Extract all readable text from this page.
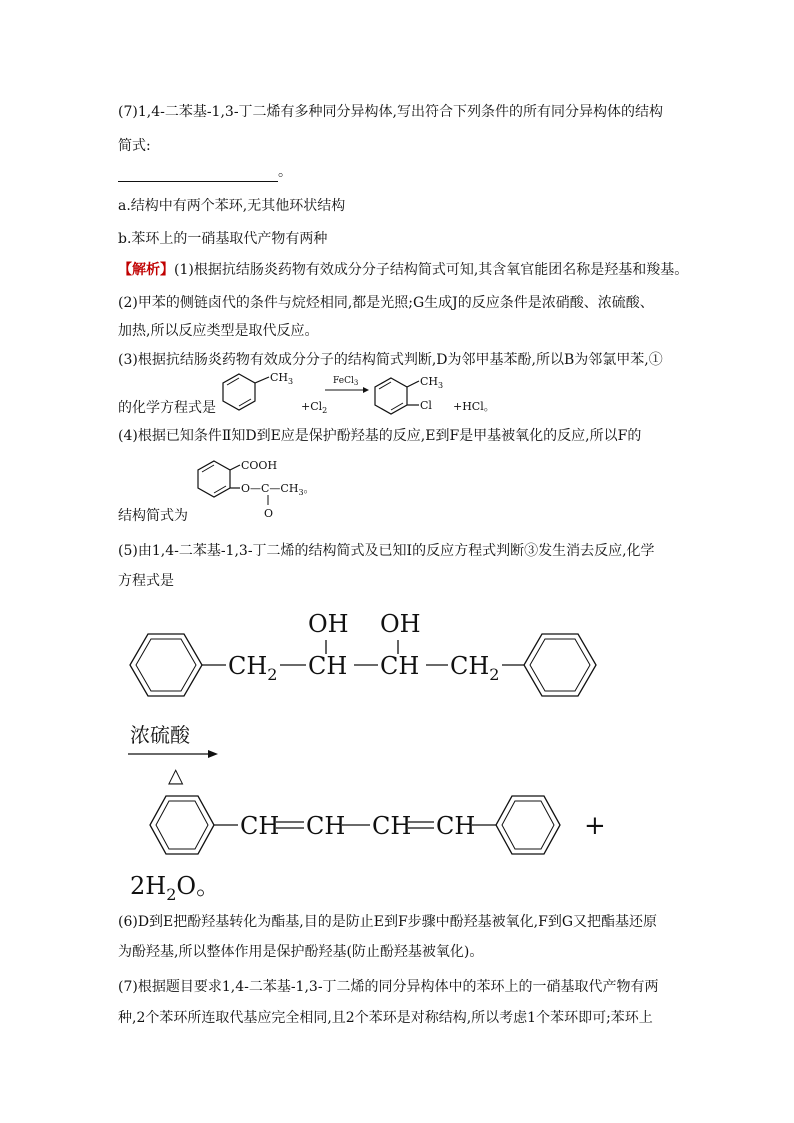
(7)1,4-二苯基-1,3-丁二烯有多种同分异构体,写出符合下列条件的所有同分异构体的结构
简式:
。
a.结构中有两个苯环,无其他环状结构
b.苯环上的一硝基取代产物有两种
【解析】(1)根据抗结肠炎药物有效成分分子结构简式可知,其含氧官能团名称是羟基和羧基。
(2)甲苯的侧链卤代的条件与烷烃相同,都是光照;G生成J的反应条件是浓硝酸、浓硫酸、
加热,所以反应类型是取代反应。
(3)根据抗结肠炎药物有效成分分子的结构简式判断,D为邻甲基苯酚,所以B为邻氯甲苯,①
的化学方程式是
$CH_3$
$+Cl_2$
FeCl$_3$	$CH_3$
Cl +HCl。
(4)根据已知条件Ⅱ知D到E应是保护酚羟基的反应,E到F是甲基被氧化的反应,所以F的
COOH
$O—C—CH_3$。
O
结构简式为
(5)由1,4-二苯基-1,3-丁二烯的结构简式及已知Ⅰ的反应方程式判断③发生消去反应,化学
方程式是
$CH_2$ CH
OH
CH
OH
$CH_2$
浓硫酸
△
CH CH CH CH	+
$2H_2O$。
(6)D到E把酚羟基转化为酯基,目的是防止E到F步骤中酚羟基被氧化,F到G又把酯基还原
为酚羟基,所以整体作用是保护酚羟基(防止酚羟基被氧化)。
(7)根据题目要求1,4-二苯基-1,3-丁二烯的同分异构体中的苯环上的一硝基取代产物有两
种,2个苯环所连取代基应完全相同,且2个苯环是对称结构,所以考虑1个苯环即可;苯环上
